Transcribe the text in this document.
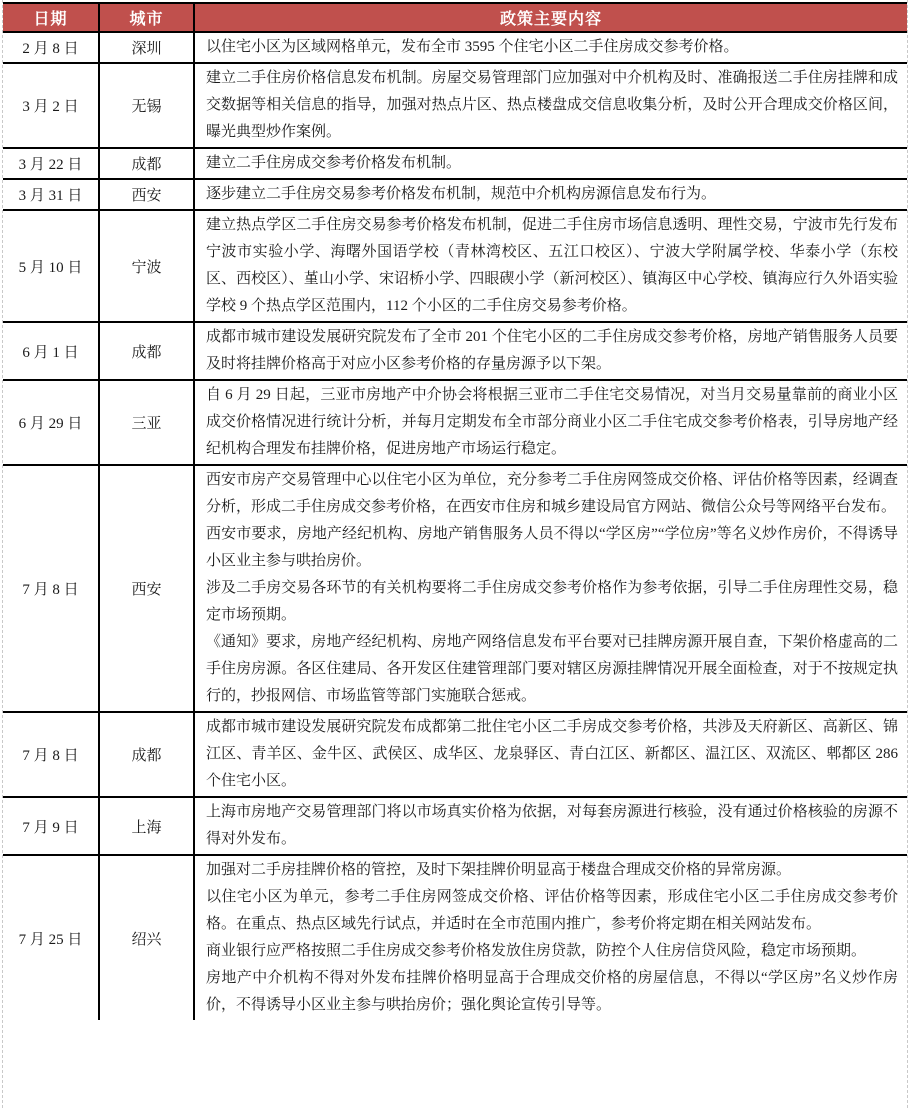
日期	城市	政策主要内容
2 月 8 日	深圳	以住宅小区为区域网格单元，发布全市 3595 个住宅小区二手住房成交参考价格。

3 月 2 日	无锡	建立二手住房价格信息发布机制。房屋交易管理部门应加强对中介机构及时、准确报送二手住房挂牌和成交数据等相关信息的指导，加强对热点片区、热点楼盘成交信息收集分析，及时公开合理成交价格区间，曝光典型炒作案例。

3 月 22 日	成都	建立二手住房成交参考价格发布机制。

3 月 31 日	西安	逐步建立二手住房交易参考价格发布机制，规范中介机构房源信息发布行为。

5 月 10 日	宁波	建立热点学区二手住房交易参考价格发布机制，促进二手住房市场信息透明、理性交易，宁波市先行发布宁波市实验小学、海曙外国语学校（青林湾校区、五江口校区）、宁波大学附属学校、华泰小学（东校区、西校区）、堇山小学、宋诏桥小学、四眼碶小学（新河校区）、镇海区中心学校、镇海应行久外语实验学校 9 个热点学区范围内，112 个小区的二手住房交易参考价格。

6 月 1 日	成都	成都市城市建设发展研究院发布了全市 201 个住宅小区的二手住房成交参考价格，房地产销售服务人员要及时将挂牌价格高于对应小区参考价格的存量房源予以下架。

6 月 29 日	三亚	自 6 月 29 日起，三亚市房地产中介协会将根据三亚市二手住宅交易情况，对当月交易量靠前的商业小区成交价格情况进行统计分析，并每月定期发布全市部分商业小区二手住宅成交参考价格表，引导房地产经纪机构合理发布挂牌价格，促进房地产市场运行稳定。

7 月 8 日	西安	西安市房产交易管理中心以住宅小区为单位，充分参考二手住房网签成交价格、评估价格等因素，经调查分析，形成二手住房成交参考价格，在西安市住房和城乡建设局官方网站、微信公众号等网络平台发布。
西安市要求，房地产经纪机构、房地产销售服务人员不得以“学区房”“学位房”等名义炒作房价，不得诱导小区业主参与哄抬房价。
涉及二手房交易各环节的有关机构要将二手住房成交参考价格作为参考依据，引导二手住房理性交易，稳定市场预期。
《通知》要求，房地产经纪机构、房地产网络信息发布平台要对已挂牌房源开展自查，下架价格虚高的二手住房房源。各区住建局、各开发区住建管理部门要对辖区房源挂牌情况开展全面检查，对于不按规定执行的，抄报网信、市场监管等部门实施联合惩戒。

7 月 8 日	成都	成都市城市建设发展研究院发布成都第二批住宅小区二手房成交参考价格，共涉及天府新区、高新区、锦江区、青羊区、金牛区、武侯区、成华区、龙泉驿区、青白江区、新都区、温江区、双流区、郫都区 286 个住宅小区。

7 月 9 日	上海	上海市房地产交易管理部门将以市场真实价格为依据，对每套房源进行核验，没有通过价格核验的房源不得对外发布。

7 月 25 日	绍兴	加强对二手房挂牌价格的管控，及时下架挂牌价明显高于楼盘合理成交价格的异常房源。
以住宅小区为单元，参考二手住房网签成交价格、评估价格等因素，形成住宅小区二手住房成交参考价格。在重点、热点区域先行试点，并适时在全市范围内推广，参考价将定期在相关网站发布。
商业银行应严格按照二手住房成交参考价格发放住房贷款，防控个人住房信贷风险，稳定市场预期。
房地产中介机构不得对外发布挂牌价格明显高于合理成交价格的房屋信息，不得以“学区房”名义炒作房价，不得诱导小区业主参与哄抬房价；强化舆论宣传引导等。
